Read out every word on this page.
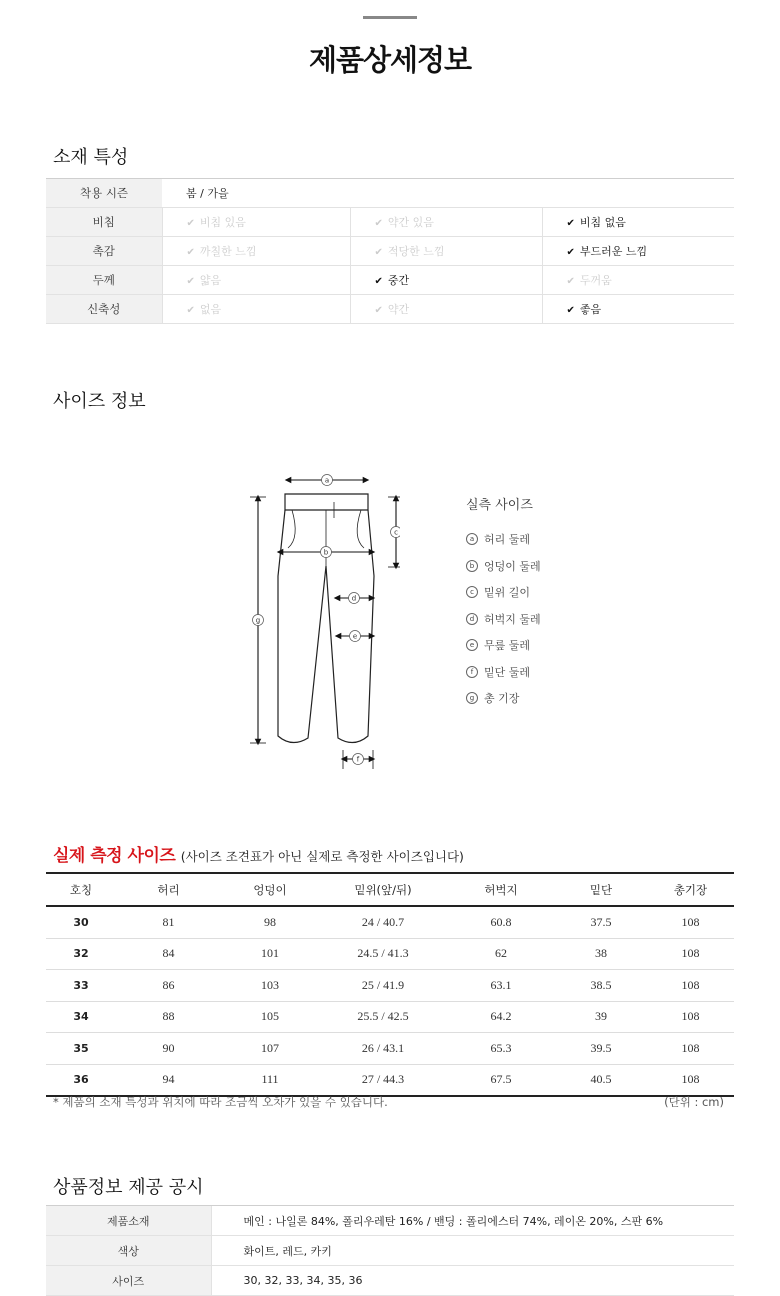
제품상세정보
소재 특성
착용 시즌	봄 / 가을		
비침	✔ 비침 있음	✔ 약간 있음	✔ 비침 없음
촉감	✔ 까칠한 느낌	✔ 적당한 느낌	✔ 부드러운 느낌
두께	✔ 얇음	✔ 중간	✔ 두꺼움
신축성	✔ 없음	✔ 약간	✔ 좋음
사이즈 정보
a
b
c
d
e
f
g
실측 사이즈
a 허리 둘레
b 엉덩이 둘레
c 밑위 길이
d 허벅지 둘레
e 무릎 둘레
f 밑단 둘레
g 총 기장
실제 측정 사이즈 (사이즈 조견표가 아닌 실제로 측정한 사이즈입니다)
호칭	허리	엉덩이	밑위(앞/뒤)	허벅지	밑단	총기장
30	81	98	24 / 40.7	60.8	37.5	108
32	84	101	24.5 / 41.3	62	38	108
33	86	103	25 / 41.9	63.1	38.5	108
34	88	105	25.5 / 42.5	64.2	39	108
35	90	107	26 / 43.1	65.3	39.5	108
36	94	111	27 / 44.3	67.5	40.5	108
* 제품의 소재 특성과 위치에 따라 조금씩 오차가 있을 수 있습니다.	(단위 : cm)
상품정보 제공 공시
제품소재	메인 : 나일론 84%, 폴리우레탄 16% / 밴딩 : 폴리에스터 74%, 레이온 20%, 스판 6%
색상	화이트, 레드, 카키
사이즈	30, 32, 33, 34, 35, 36
